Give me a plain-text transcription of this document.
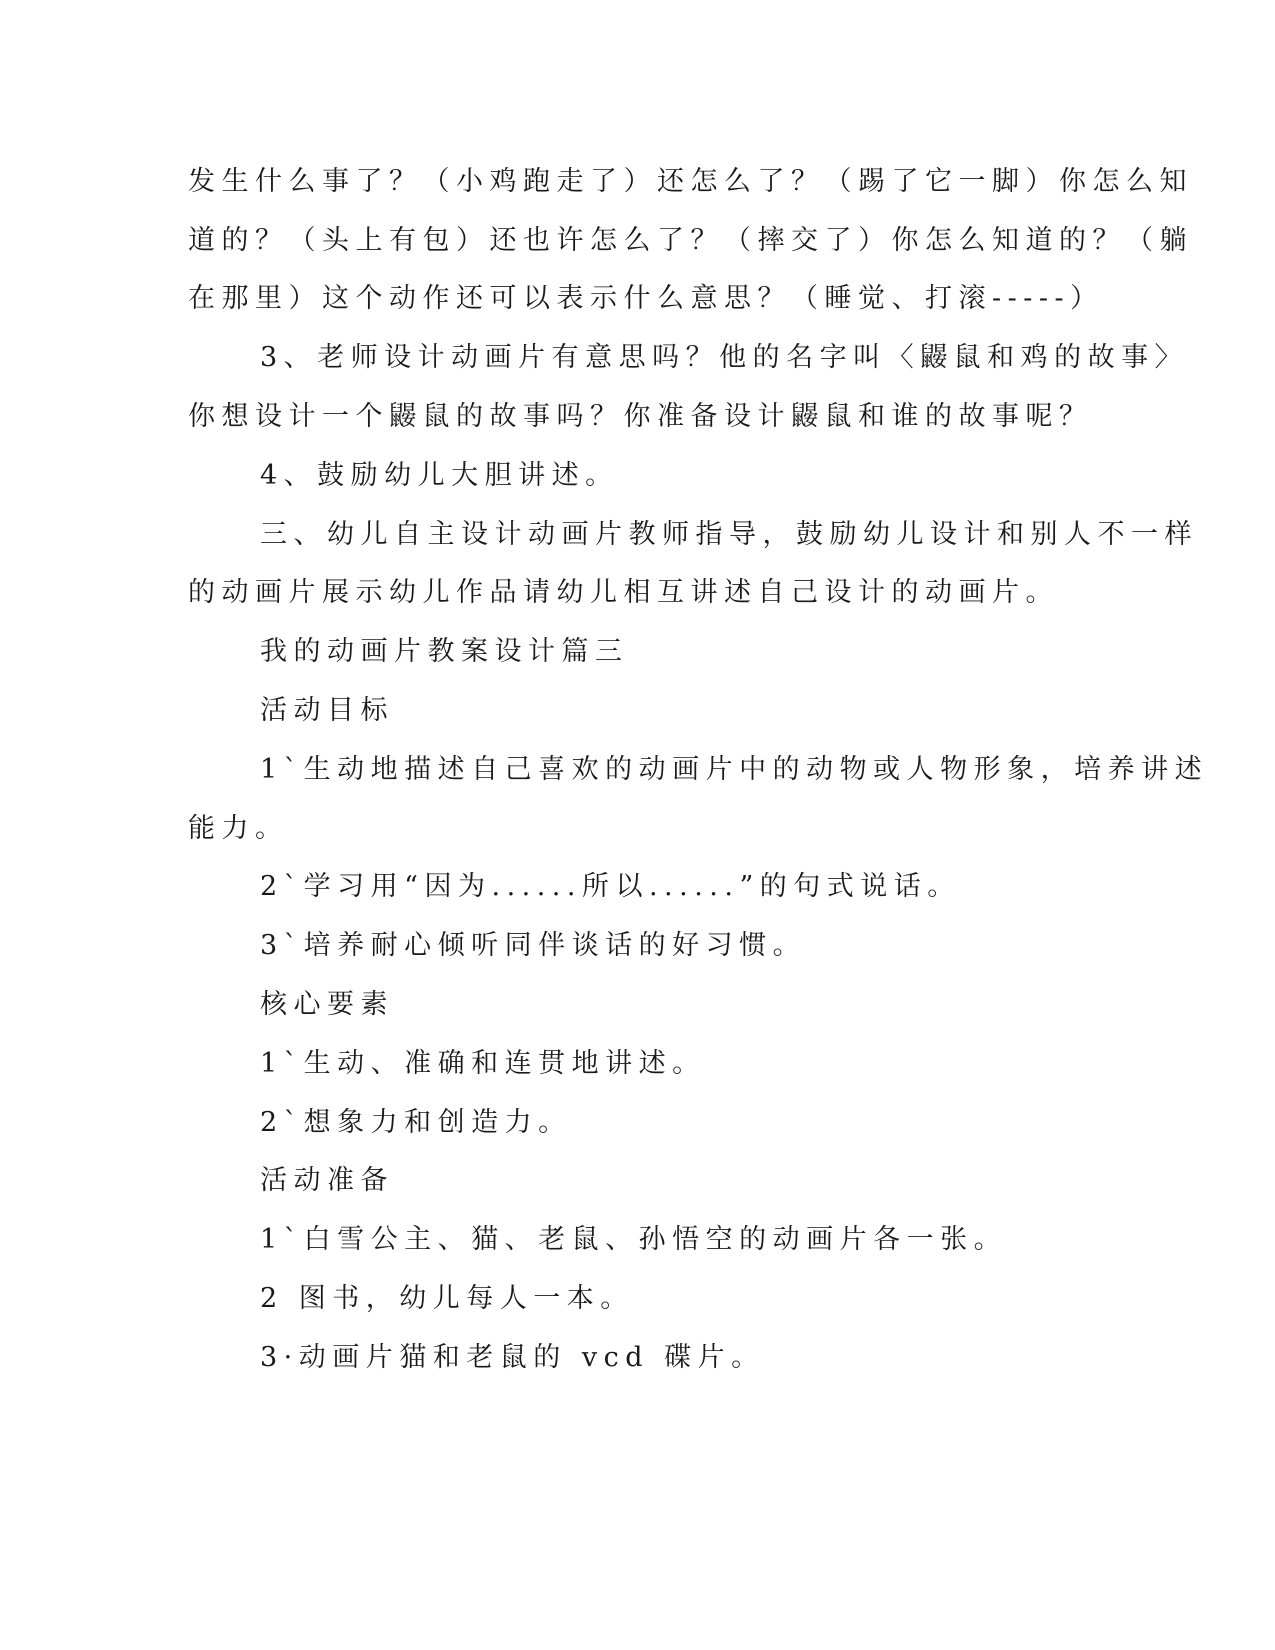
发生什么事了？（小鸡跑走了）还怎么了？（踢了它一脚）你怎么知

道的？（头上有包）还也许怎么了？（摔交了）你怎么知道的？（躺

在那里）这个动作还可以表示什么意思？（睡觉、打滚-----）

3、老师设计动画片有意思吗？他的名字叫〈鼹鼠和鸡的故事〉

你想设计一个鼹鼠的故事吗？你准备设计鼹鼠和谁的故事呢？

4、鼓励幼儿大胆讲述。

三、幼儿自主设计动画片教师指导，鼓励幼儿设计和别人不一样

的动画片展示幼儿作品请幼儿相互讲述自己设计的动画片。

我的动画片教案设计篇三

活动目标

1`生动地描述自己喜欢的动画片中的动物或人物形象，培养讲述

能力。

2`学习用“因为......所以......”的句式说话。

3`培养耐心倾听同伴谈话的好习惯。

核心要素

1`生动、准确和连贯地讲述。

2`想象力和创造力。

活动准备

1`白雪公主、猫、老鼠、孙悟空的动画片各一张。

2 图书，幼儿每人一本。

3·动画片猫和老鼠的 vcd 碟片。
